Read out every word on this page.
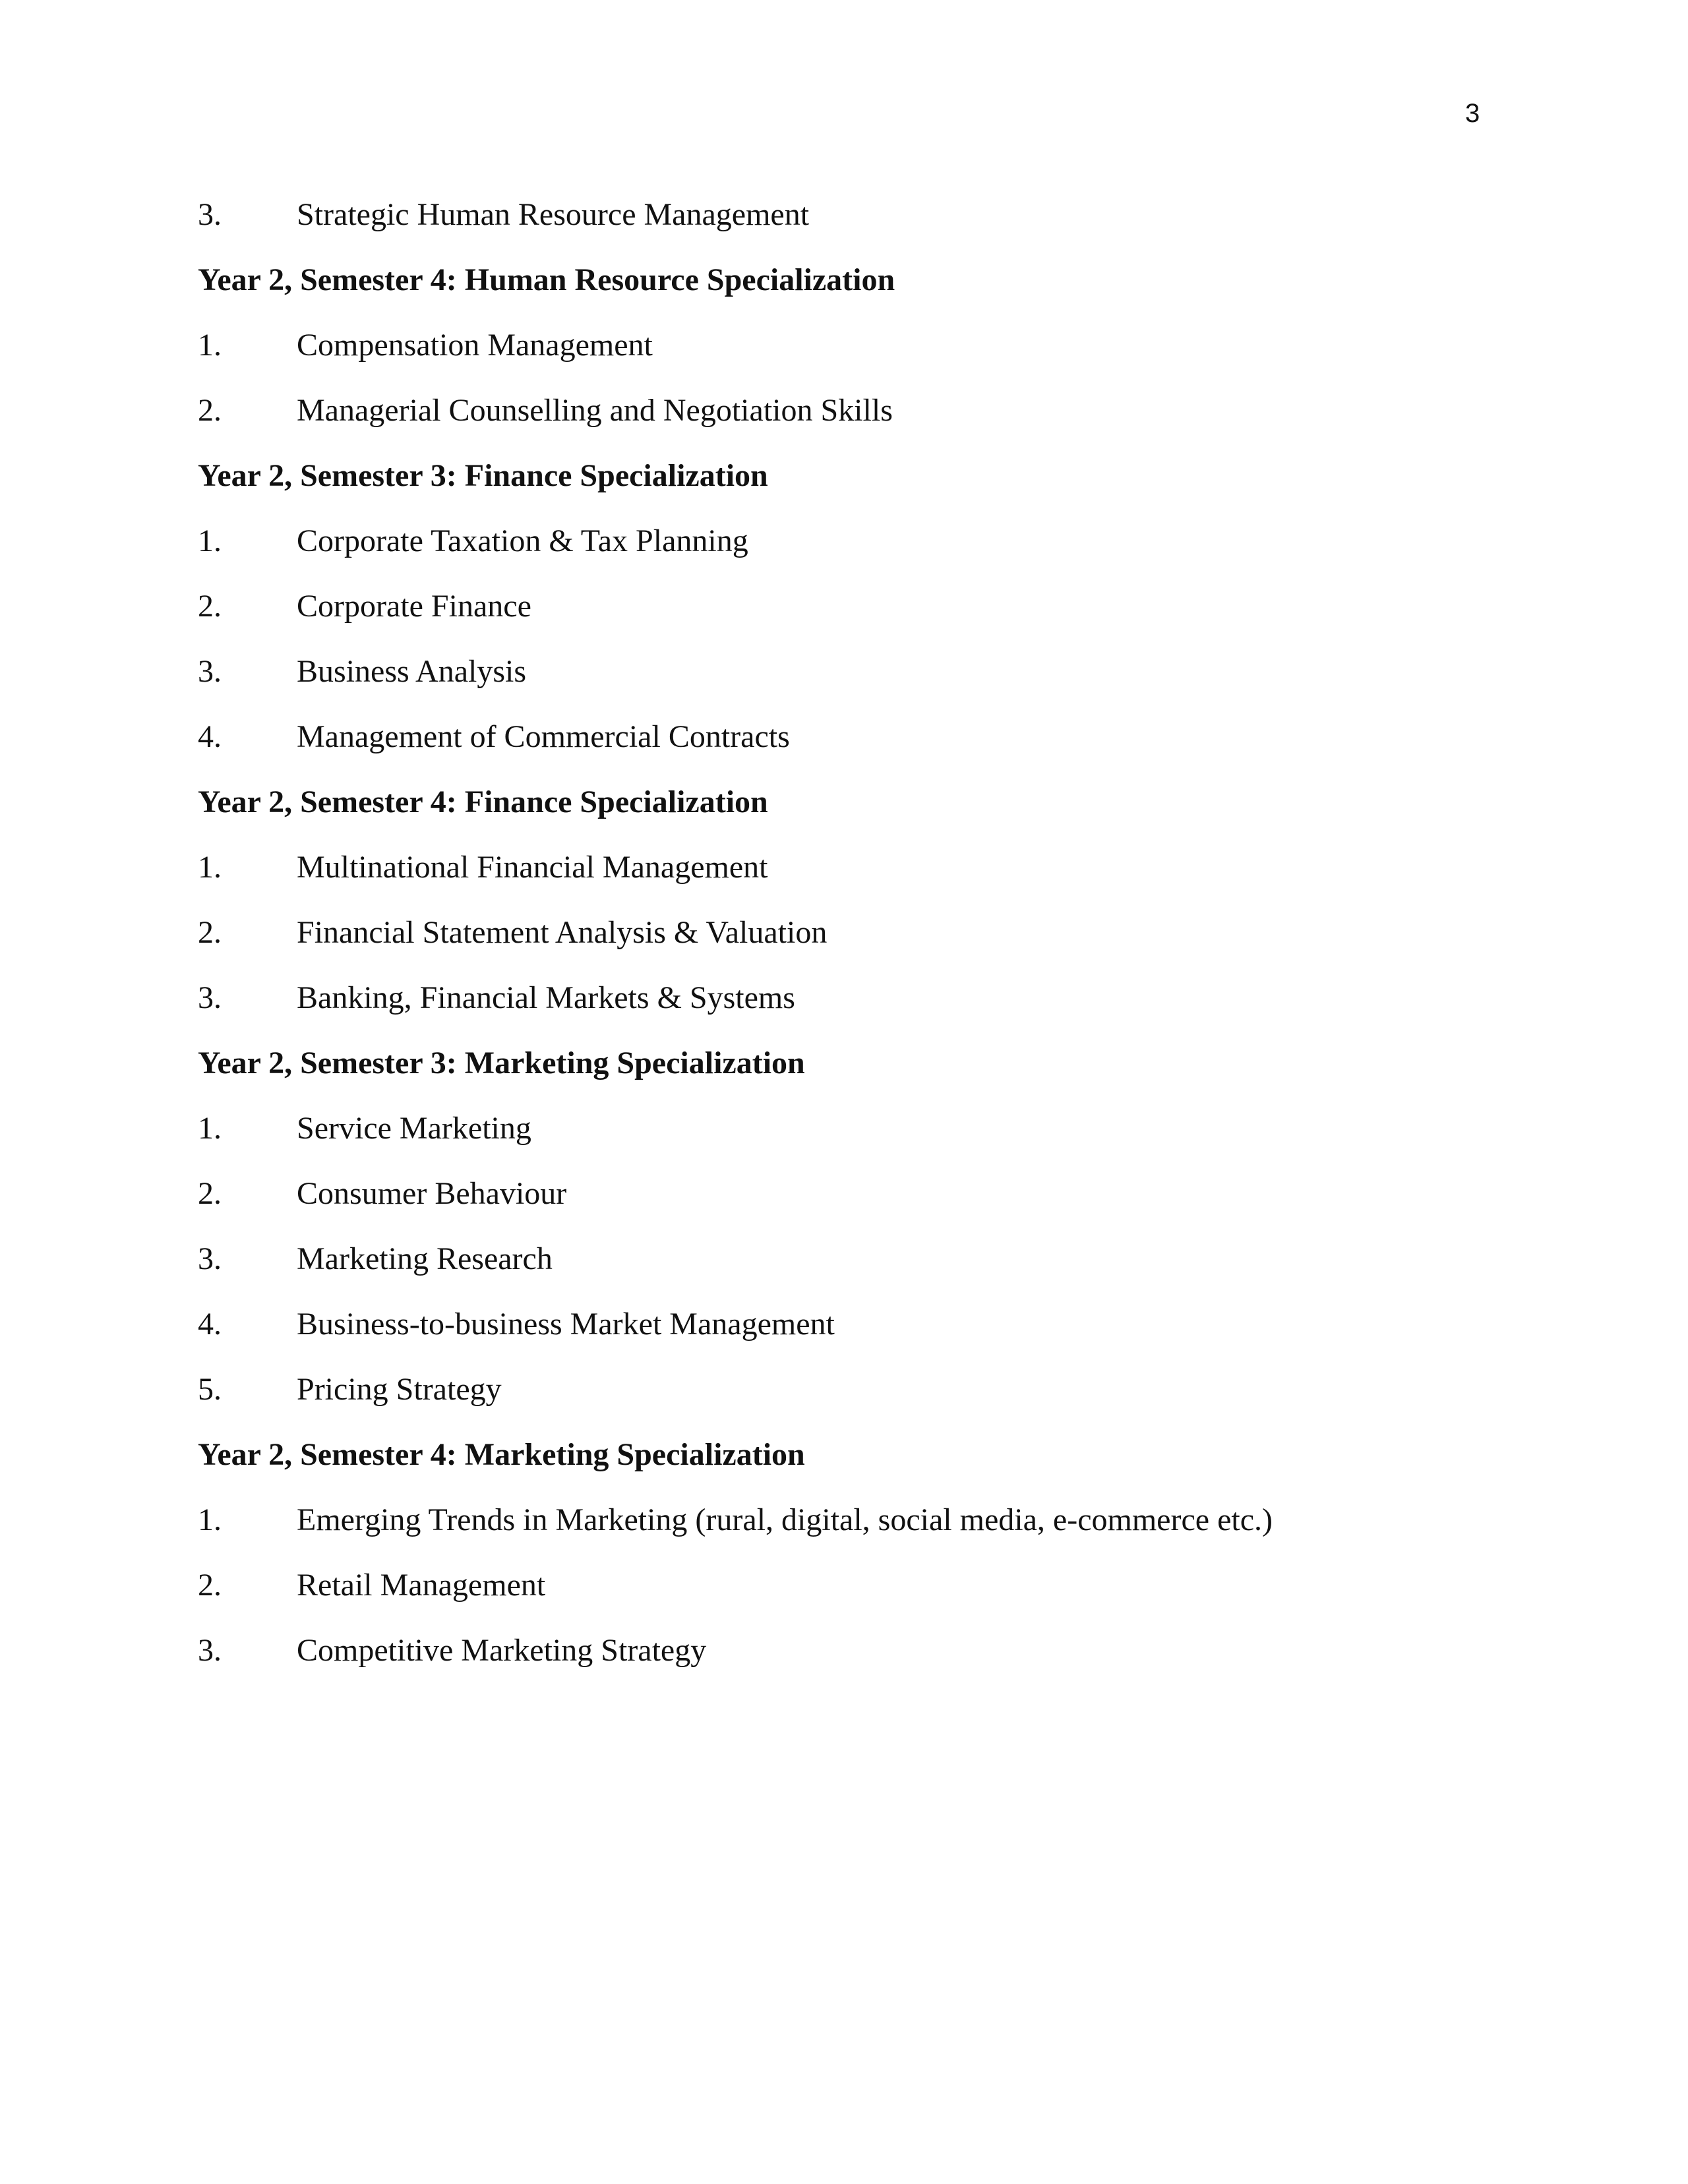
3
3. Strategic Human Resource Management
Year 2, Semester 4: Human Resource Specialization
1. Compensation Management
2. Managerial Counselling and Negotiation Skills
Year 2, Semester 3: Finance Specialization
1. Corporate Taxation & Tax Planning
2. Corporate Finance
3. Business Analysis
4. Management of Commercial Contracts
Year 2, Semester 4: Finance Specialization
1. Multinational Financial Management
2. Financial Statement Analysis & Valuation
3. Banking, Financial Markets & Systems
Year 2, Semester 3: Marketing Specialization
1. Service Marketing
2. Consumer Behaviour
3. Marketing Research
4. Business-to-business Market Management
5. Pricing Strategy
Year 2, Semester 4: Marketing Specialization
1. Emerging Trends in Marketing (rural, digital, social media, e-commerce etc.)
2. Retail Management
3. Competitive Marketing Strategy
